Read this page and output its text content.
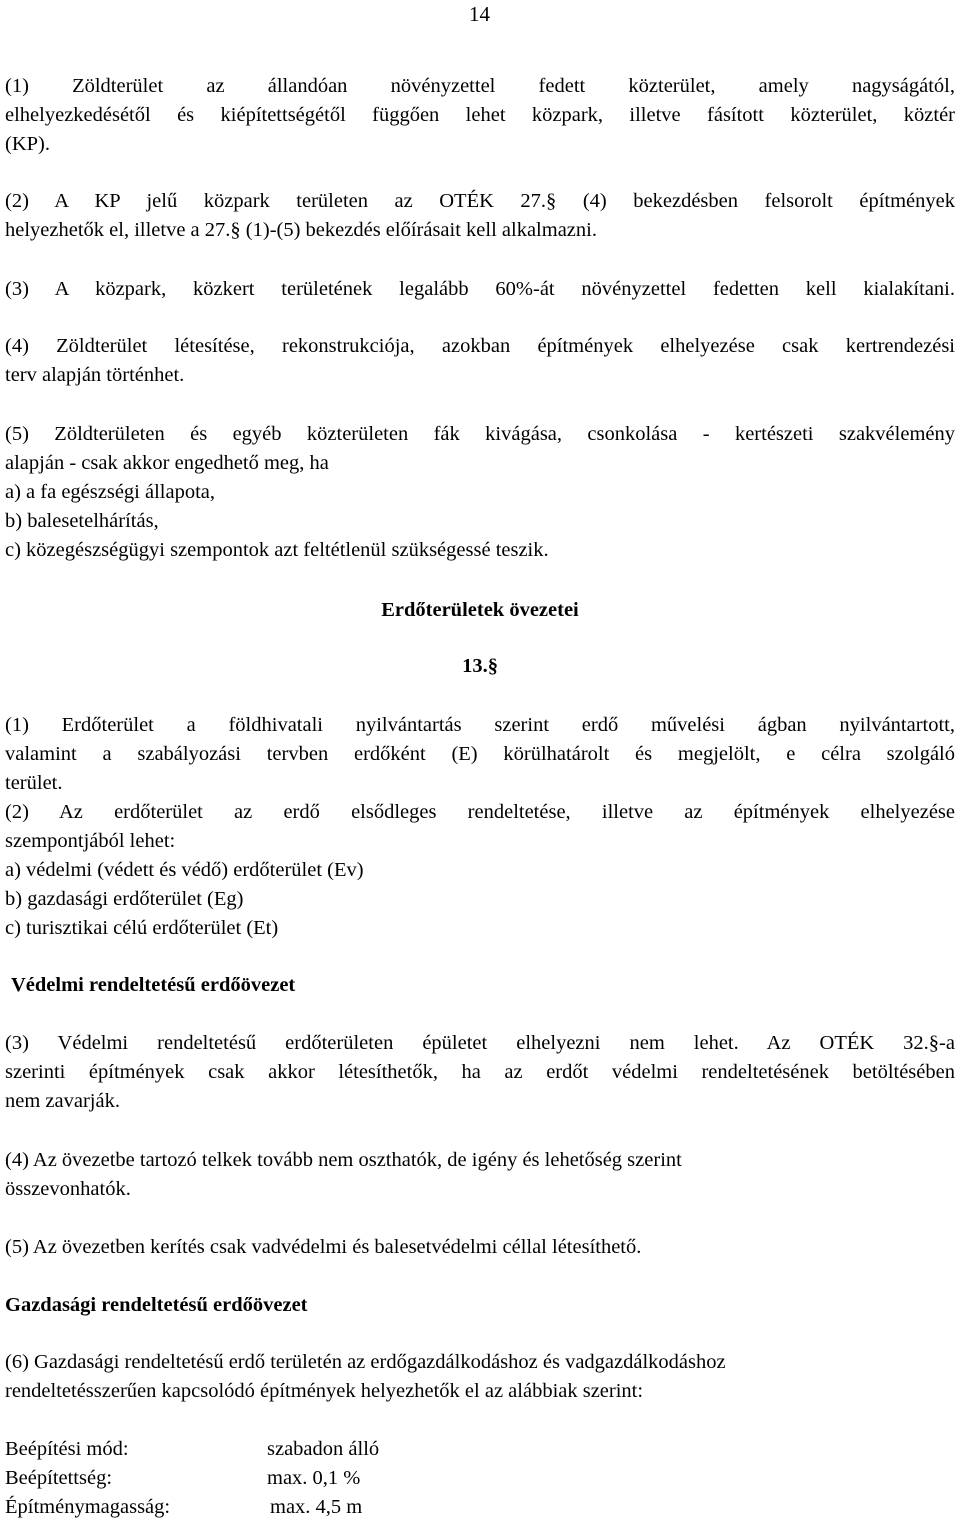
14
(1) Zöldterület az állandóan növényzettel fedett közterület, amely nagyságától,
elhelyezkedésétől és kiépítettségétől függően lehet közpark, illetve fásított közterület, köztér
(KP).
(2) A KP jelű közpark területen az OTÉK 27.§ (4) bekezdésben felsorolt építmények
helyezhetők el, illetve a 27.§ (1)-(5) bekezdés előírásait kell alkalmazni.
(3) A közpark, közkert területének legalább 60%-át növényzettel fedetten kell kialakítani.
(4) Zöldterület létesítése, rekonstrukciója, azokban építmények elhelyezése csak kertrendezési
terv alapján történhet.
(5) Zöldterületen és egyéb közterületen fák kivágása, csonkolása - kertészeti szakvélemény
alapján - csak akkor engedhető meg, ha
a) a fa egészségi állapota,
b) balesetelhárítás,
c) közegészségügyi szempontok azt feltétlenül szükségessé teszik.
Erdőterületek övezetei
13.§
(1) Erdőterület a földhivatali nyilvántartás szerint erdő művelési ágban nyilvántartott,
valamint a szabályozási tervben erdőként (E) körülhatárolt és megjelölt, e célra szolgáló
terület.
(2) Az erdőterület az erdő elsődleges rendeltetése, illetve az építmények elhelyezése
szempontjából lehet:
a) védelmi (védett és védő) erdőterület (Ev)
b) gazdasági erdőterület (Eg)
c) turisztikai célú erdőterület (Et)
Védelmi rendeltetésű erdőövezet
(3) Védelmi rendeltetésű erdőterületen épületet elhelyezni nem lehet. Az OTÉK 32.§-a
szerinti építmények csak akkor létesíthetők, ha az erdőt védelmi rendeltetésének betöltésében
nem zavarják.
(4) Az övezetbe tartozó telkek tovább nem oszthatók, de igény és lehetőség szerint
összevonhatók.
(5) Az övezetben kerítés csak vadvédelmi és balesetvédelmi céllal létesíthető.
Gazdasági rendeltetésű erdőövezet
(6) Gazdasági rendeltetésű erdő területén az erdőgazdálkodáshoz és vadgazdálkodáshoz
rendeltetésszerűen kapcsolódó építmények helyezhetők el az alábbiak szerint:
Beépítési mód:	szabadon álló
Beépítettség:	max. 0,1 %
Építménymagasság:	max. 4,5 m
